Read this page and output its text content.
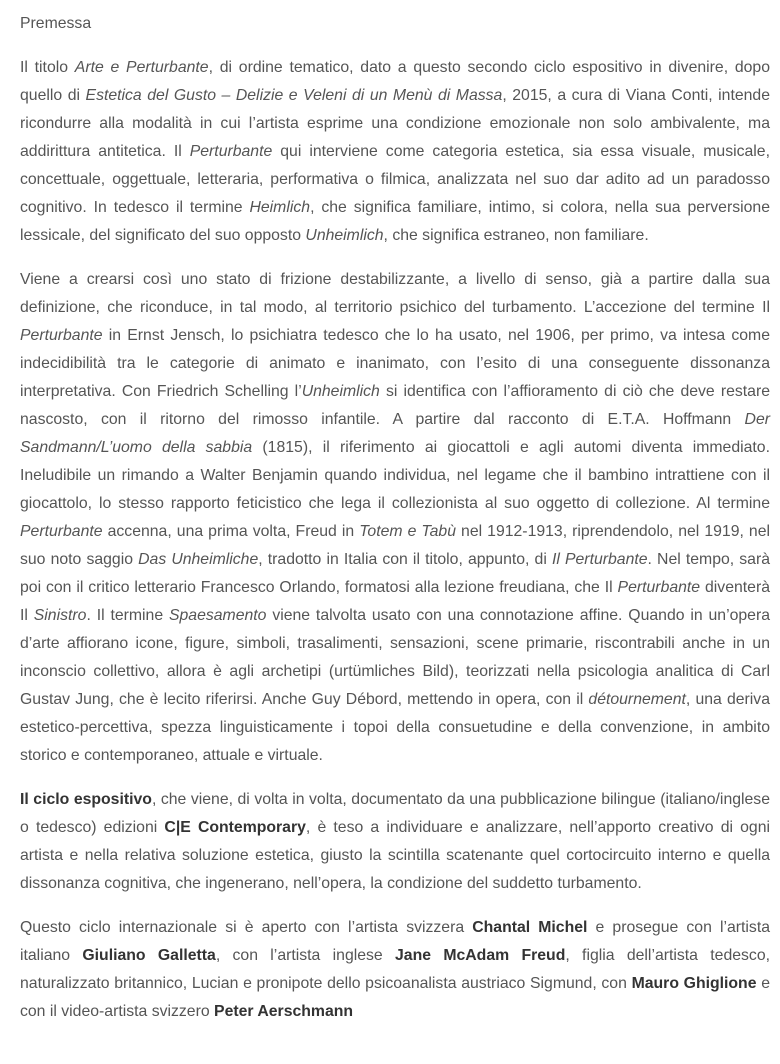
Premessa

Il titolo Arte e Perturbante, di ordine tematico, dato a questo secondo ciclo espositivo in divenire, dopo quello di Estetica del Gusto – Delizie e Veleni di un Menù di Massa, 2015, a cura di Viana Conti, intende ricondurre alla modalità in cui l’artista esprime una condizione emozionale non solo ambivalente, ma addirittura antitetica. Il Perturbante qui interviene come categoria estetica, sia essa visuale, musicale, concettuale, oggettuale, letteraria, performativa o filmica, analizzata nel suo dar adito ad un paradosso cognitivo. In tedesco il termine Heimlich, che significa familiare, intimo, si colora, nella sua perversione lessicale, del significato del suo opposto Unheimlich, che significa estraneo, non familiare.

Viene a crearsi così uno stato di frizione destabilizzante, a livello di senso, già a partire dalla sua definizione, che riconduce, in tal modo, al territorio psichico del turbamento. L’accezione del termine Il Perturbante in Ernst Jensch, lo psichiatra tedesco che lo ha usato, nel 1906, per primo, va intesa come indecidibilità tra le categorie di animato e inanimato, con l’esito di una conseguente dissonanza interpretativa. Con Friedrich Schelling l’Unheimlich si identifica con l’affioramento di ciò che deve restare nascosto, con il ritorno del rimosso infantile. A partire dal racconto di E.T.A. Hoffmann Der Sandmann/L’uomo della sabbia (1815), il riferimento ai giocattoli e agli automi diventa immediato. Ineludibile un rimando a Walter Benjamin quando individua, nel legame che il bambino intrattiene con il giocattolo, lo stesso rapporto feticistico che lega il collezionista al suo oggetto di collezione. Al termine Perturbante accenna, una prima volta, Freud in Totem e Tabù nel 1912-1913, riprendendolo, nel 1919, nel suo noto saggio Das Unheimliche, tradotto in Italia con il titolo, appunto, di Il Perturbante. Nel tempo, sarà poi con il critico letterario Francesco Orlando, formatosi alla lezione freudiana, che Il Perturbante diventerà Il Sinistro. Il termine Spaesamento viene talvolta usato con una connotazione affine. Quando in un’opera d’arte affiorano icone, figure, simboli, trasalimenti, sensazioni, scene primarie, riscontrabili anche in un inconscio collettivo, allora è agli archetipi (urtümliches Bild), teorizzati nella psicologia analitica di Carl Gustav Jung, che è lecito riferirsi. Anche Guy Débord, mettendo in opera, con il détournement, una deriva estetico-percettiva, spezza linguisticamente i topoi della consuetudine e della convenzione, in ambito storico e contemporaneo, attuale e virtuale.

Il ciclo espositivo, che viene, di volta in volta, documentato da una pubblicazione bilingue (italiano/inglese o tedesco) edizioni C|E Contemporary, è teso a individuare e analizzare, nell’apporto creativo di ogni artista e nella relativa soluzione estetica, giusto la scintilla scatenante quel cortocircuito interno e quella dissonanza cognitiva, che ingenerano, nell’opera, la condizione del suddetto turbamento.

Questo ciclo internazionale si è aperto con l’artista svizzera Chantal Michel e prosegue con l’artista italiano Giuliano Galletta, con l’artista inglese Jane McAdam Freud, figlia dell’artista tedesco, naturalizzato britannico, Lucian e pronipote dello psicoanalista austriaco Sigmund, con Mauro Ghiglione e con il video-artista svizzero Peter Aerschmann
